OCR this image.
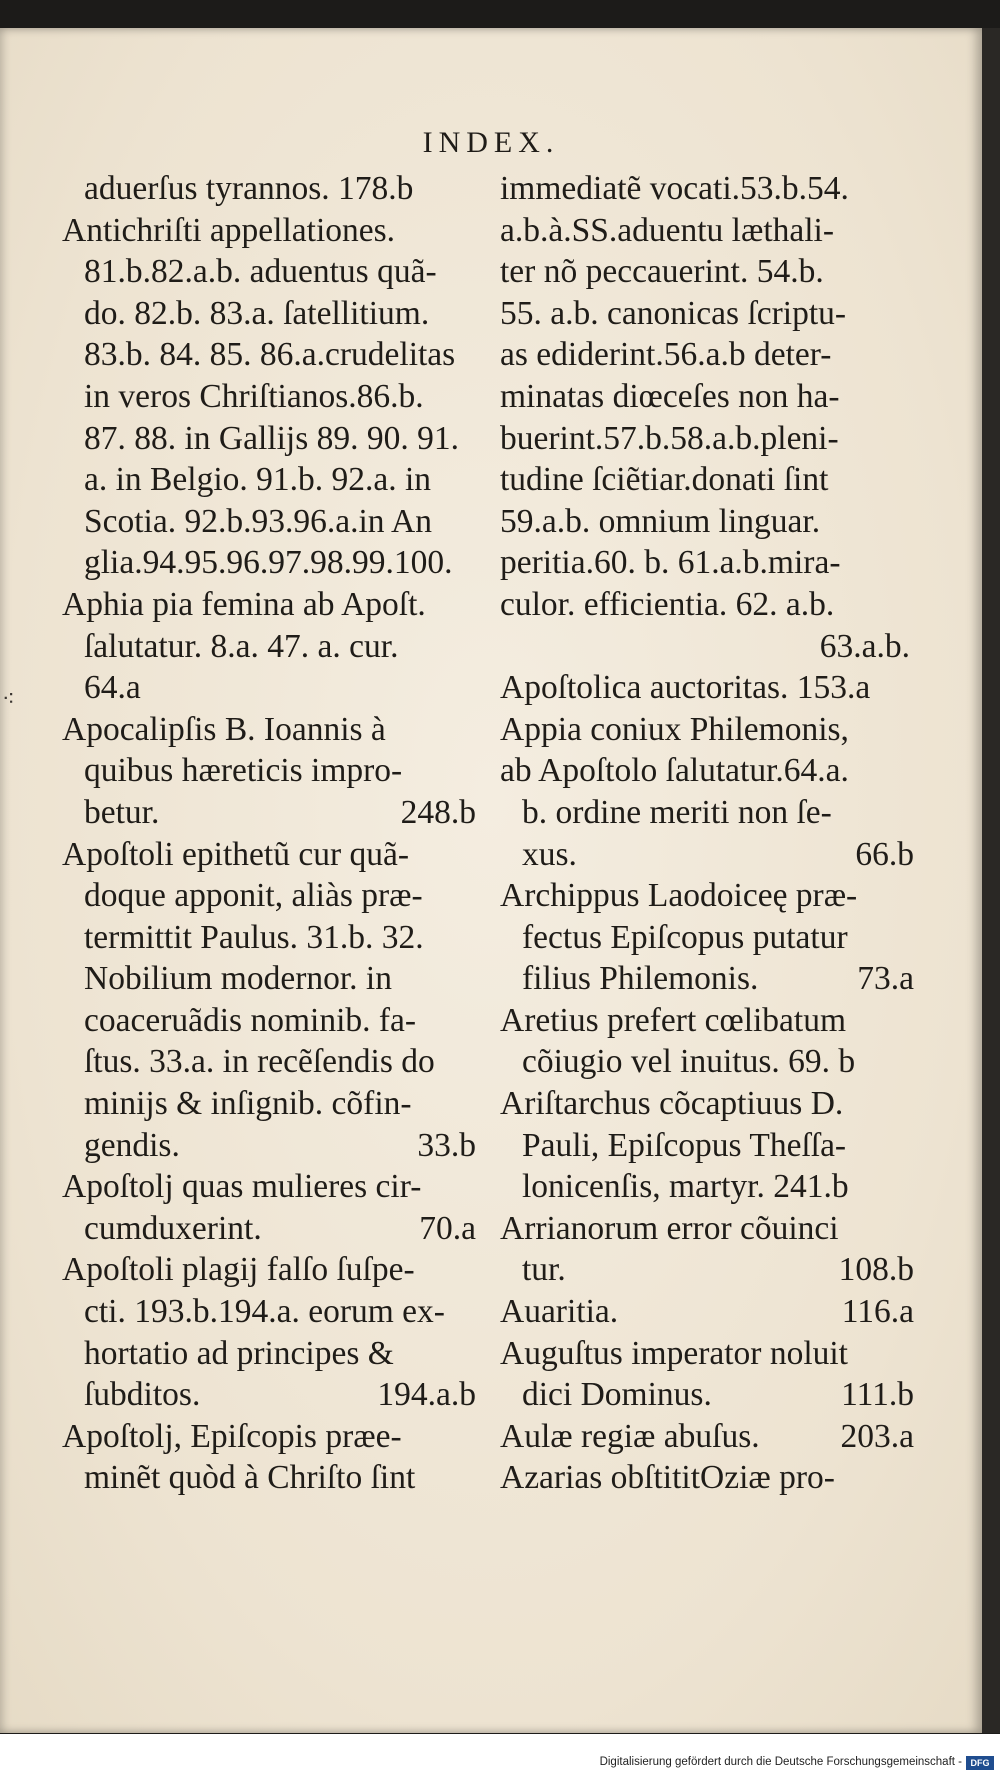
INDEX.
aduerſus tyrannos. 178.b
Antichriſti appellationes.
81.b.82.a.b. aduentus quã-
do. 82.b. 83.a. ſatellitium.
83.b. 84. 85. 86.a.crudelitas
in veros Chriſtianos.86.b.
87. 88. in Gallijs 89. 90. 91.
a. in Belgio. 91.b. 92.a. in
Scotia. 92.b.93.96.a.in An
glia.94.95.96.97.98.99.100.
Aphia pia femina ab Apoſt.
ſalutatur. 8.a. 47. a. cur.
64.a
Apocalipſis B. Ioannis à
quibus hæreticis impro-
betur.	248.b
Apoſtoli epithetũ cur quã-
doque apponit, aliàs præ-
termittit Paulus. 31.b. 32.
Nobilium modernor. in
coaceruãdis nominib. fa-
ſtus. 33.a. in recẽſendis do
minijs & inſignib. cõfin-
gendis.	33.b
Apoſtolj quas mulieres cir-
cumduxerint.	70.a
Apoſtoli plagij falſo ſuſpe-
cti. 193.b.194.a. eorum ex-
hortatio ad principes &
ſubditos.	194.a.b
Apoſtolj, Epiſcopis præe-
minẽt quòd à Chriſto ſint
immediatẽ vocati.53.b.54.
a.b.à.SS.aduentu læthali-
ter nõ peccauerint. 54.b.
55. a.b. canonicas ſcriptu-
as ediderint.56.a.b deter-
minatas diœceſes non ha-
buerint.57.b.58.a.b.pleni-
tudine ſciẽtiar.donati ſint
59.a.b. omnium linguar.
peritia.60. b. 61.a.b.mira-
culor. efficientia. 62. a.b.
63.a.b.
Apoſtolica auctoritas. 153.a
Appia coniux Philemonis,
ab Apoſtolo ſalutatur.64.a.
b. ordine meriti non ſe-
xus.	66.b
Archippus Laodoiceę præ-
fectus Epiſcopus putatur
filius Philemonis.	73.a
Aretius prefert cœlibatum
cõiugio vel inuitus. 69. b
Ariſtarchus cõcaptiuus D.
Pauli, Epiſcopus Theſſa-
lonicenſis, martyr. 241.b
Arrianorum error cõuinci
tur.	108.b
Auaritia.	116.a
Auguſtus imperator noluit
dici Dominus.	111.b
Aulæ regiæ abuſus. 203.a
Azarias obſtititOziæ pro-
⁖
Digitalisierung gefördert durch die Deutsche Forschungsgemeinschaft - DFG
